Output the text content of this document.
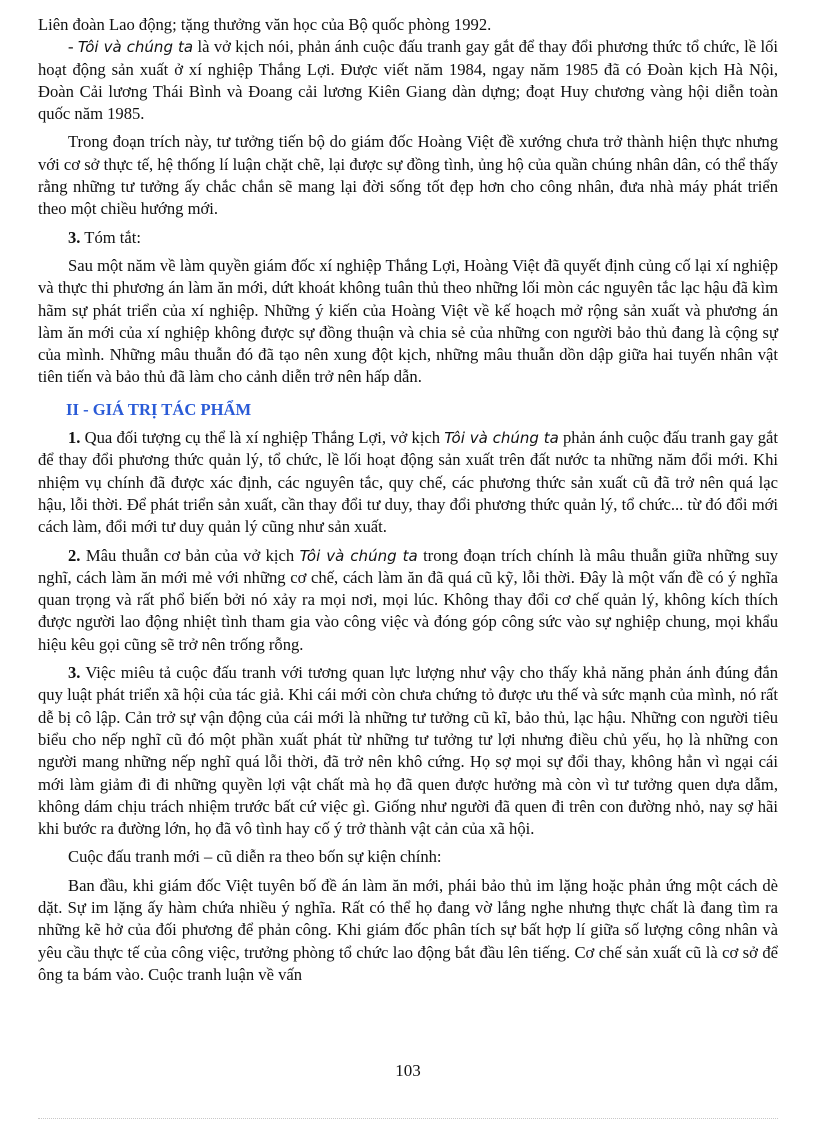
Liên đoàn Lao động; tặng thưởng văn học của Bộ quốc phòng 1992.

- Tôi và chúng ta là vở kịch nói, phản ánh cuộc đấu tranh gay gắt để thay đổi phương thức tổ chức, lề lối hoạt động sản xuất ở xí nghiệp Thắng Lợi. Được viết năm 1984, ngay năm 1985 đã có Đoàn kịch Hà Nội, Đoàn Cải lương Thái Bình và Đoang cải lương Kiên Giang dàn dựng; đoạt Huy chương vàng hội diễn toàn quốc năm 1985.

Trong đoạn trích này, tư tưởng tiến bộ do giám đốc Hoàng Việt đề xướng chưa trở thành hiện thực nhưng với cơ sở thực tế, hệ thống lí luận chặt chẽ, lại được sự đồng tình, ủng hộ của quần chúng nhân dân, có thể thấy rằng những tư tưởng ấy chắc chắn sẽ mang lại đời sống tốt đẹp hơn cho công nhân, đưa nhà máy phát triển theo một chiều hướng mới.

3. Tóm tắt:

Sau một năm về làm quyền giám đốc xí nghiệp Thắng Lợi, Hoàng Việt đã quyết định củng cố lại xí nghiệp và thực thi phương án làm ăn mới, dứt khoát không tuân thủ theo những lối mòn các nguyên tắc lạc hậu đã kìm hãm sự phát triển của xí nghiệp. Những ý kiến của Hoàng Việt về kế hoạch mở rộng sản xuất và phương án làm ăn mới của xí nghiệp không được sự đồng thuận và chia sẻ của những con người bảo thủ đang là cộng sự của mình. Những mâu thuẫn đó đã tạo nên xung đột kịch, những mâu thuẫn dồn dập giữa hai tuyến nhân vật tiên tiến và bảo thủ đã làm cho cảnh diễn trở nên hấp dẫn.

II - GIÁ TRỊ TÁC PHẨM

1. Qua đối tượng cụ thể là xí nghiệp Thắng Lợi, vở kịch Tôi và chúng ta phản ánh cuộc đấu tranh gay gắt để thay đổi phương thức quản lý, tổ chức, lề lối hoạt động sản xuất trên đất nước ta những năm đổi mới. Khi nhiệm vụ chính đã được xác định, các nguyên tắc, quy chế, các phương thức sản xuất cũ đã trở nên quá lạc hậu, lỗi thời. Để phát triển sản xuất, cần thay đổi tư duy, thay đổi phương thức quản lý, tổ chức... từ đó đổi mới cách làm, đổi mới tư duy quản lý cũng như sản xuất.

2. Mâu thuẫn cơ bản của vở kịch Tôi và chúng ta trong đoạn trích chính là mâu thuẫn giữa những suy nghĩ, cách làm ăn mới mẻ với những cơ chế, cách làm ăn đã quá cũ kỹ, lỗi thời. Đây là một vấn đề có ý nghĩa quan trọng và rất phổ biến bởi nó xảy ra mọi nơi, mọi lúc. Không thay đổi cơ chế quản lý, không kích thích được người lao động nhiệt tình tham gia vào công việc và đóng góp công sức vào sự nghiệp chung, mọi khẩu hiệu kêu gọi cũng sẽ trở nên trống rỗng.

3. Việc miêu tả cuộc đấu tranh với tương quan lực lượng như vậy cho thấy khả năng phản ánh đúng đắn quy luật phát triển xã hội của tác giả. Khi cái mới còn chưa chứng tỏ được ưu thế và sức mạnh của mình, nó rất dễ bị cô lập. Cản trở sự vận động của cái mới là những tư tưởng cũ kĩ, bảo thủ, lạc hậu. Những con người tiêu biểu cho nếp nghĩ cũ đó một phần xuất phát từ những tư tưởng tư lợi nhưng điều chủ yếu, họ là những con người mang những nếp nghĩ quá lỗi thời, đã trở nên khô cứng. Họ sợ mọi sự đổi thay, không hẳn vì ngại cái mới làm giảm đi đi những quyền lợi vật chất mà họ đã quen được hưởng mà còn vì tư tưởng quen dựa dẫm, không dám chịu trách nhiệm trước bất cứ việc gì. Giống như người đã quen đi trên con đường nhỏ, nay sợ hãi khi bước ra đường lớn, họ đã vô tình hay cố ý trở thành vật cản của xã hội.

Cuộc đấu tranh mới – cũ diễn ra theo bốn sự kiện chính:

Ban đầu, khi giám đốc Việt tuyên bố đề án làm ăn mới, phái bảo thủ im lặng hoặc phản ứng một cách dè dặt. Sự im lặng ấy hàm chứa nhiều ý nghĩa. Rất có thể họ đang vờ lắng nghe nhưng thực chất là đang tìm ra những kẽ hở của đối phương để phản công. Khi giám đốc phân tích sự bất hợp lí giữa số lượng công nhân và yêu cầu thực tế của công việc, trưởng phòng tổ chức lao động bắt đầu lên tiếng. Cơ chế sản xuất cũ là cơ sở để ông ta bám vào. Cuộc tranh luận về vấn

103
